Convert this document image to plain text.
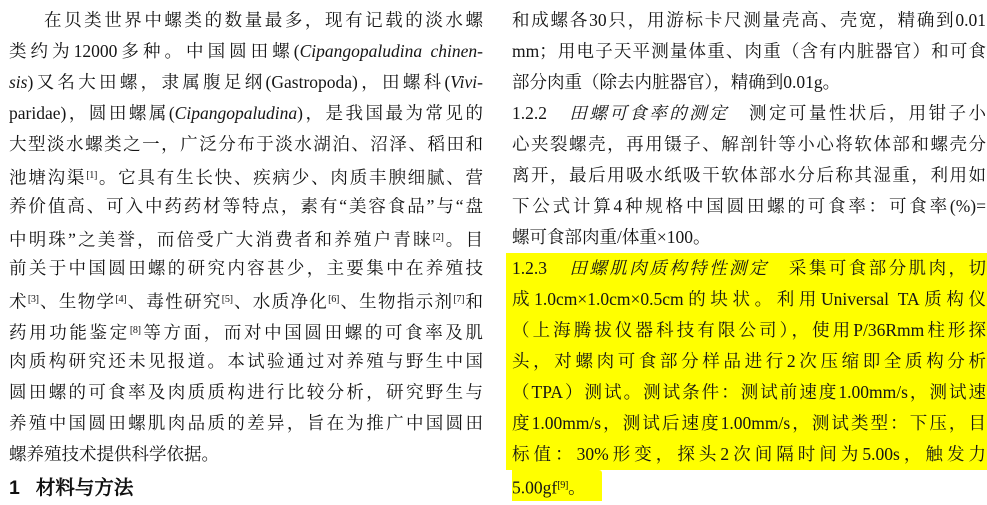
在贝类世界中螺类的数量最多，现有记载的淡水螺
类约为12000多种。中国圆田螺(Cipangopaludina chinen-
sis)又名大田螺，隶属腹足纲(Gastropoda)，田螺科(Vivi-
paridae)，圆田螺属(Cipangopaludina)，是我国最为常见的
大型淡水螺类之一，广泛分布于淡水湖泊、沼泽、稻田和
池塘沟渠[1]。它具有生长快、疾病少、肉质丰腴细腻、营
养价值高、可入中药药材等特点，素有“美容食品”与“盘
中明珠”之美誉，而倍受广大消费者和养殖户青睐[2]。目
前关于中国圆田螺的研究内容甚少，主要集中在养殖技
术[3]、生物学[4]、毒性研究[5]、水质净化[6]、生物指示剂[7]和
药用功能鉴定[8]等方面，而对中国圆田螺的可食率及肌
肉质构研究还未见报道。本试验通过对养殖与野生中国
圆田螺的可食率及肉质质构进行比较分析，研究野生与
养殖中国圆田螺肌肉品质的差异，旨在为推广中国圆田
螺养殖技术提供科学依据。
1 材料与方法
和成螺各30只，用游标卡尺测量壳高、壳宽，精确到0.01
mm；用电子天平测量体重、肉重（含有内脏器官）和可食
部分肉重（除去内脏器官），精确到0.01g。
1.2.2　田螺可食率的测定　测定可量性状后，用钳子小
心夹裂螺壳，再用镊子、解剖针等小心将软体部和螺壳分
离开，最后用吸水纸吸干软体部水分后称其湿重，利用如
下公式计算4种规格中国圆田螺的可食率：可食率(%)=
螺可食部肉重/体重×100。
1.2.3　田螺肌肉质构特性测定　采集可食部分肌肉，切
成1.0cm×1.0cm×0.5cm的块状。利用Universal TA质构仪
（上海腾拔仪器科技有限公司），使用P/36Rmm柱形探
头，对螺肉可食部分样品进行2次压缩即全质构分析
（TPA）测试。测试条件：测试前速度1.00mm/s，测试速
度1.00mm/s，测试后速度1.00mm/s，测试类型：下压，目
标值：30%形变，探头2次间隔时间为5.00s，触发力
5.00gf[9]。
